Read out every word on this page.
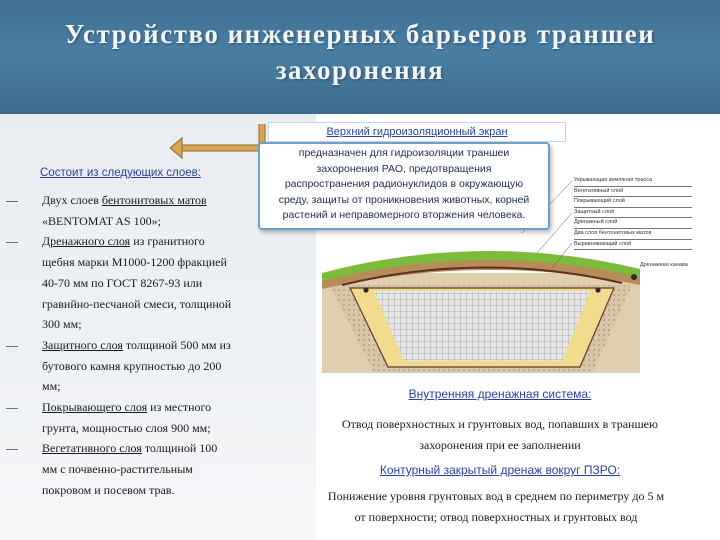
Устройство инженерных барьеров траншеи
захоронения
Состоит из следующих слоев:
— Двух слоев бентонитовых матов
«BENTOMAT AS 100»;
— Дренажного слоя из гранитного
щебня марки М1000-1200 фракцией
40-70 мм по ГОСТ 8267-93 или
гравийно-песчаной смеси, толщиной
300 мм;
— Защитного слоя толщиной 500 мм из
бутового камня крупностью до 200
мм;
— Покрывающего слоя из местного
грунта, мощностью слоя 900 мм;
— Вегетативного слоя толщиной 100
мм с почвенно-растительным
покровом и посевом трав.
Укрывающая земляная трасса
Вегетативный слой
Покрывающий слой
Защитный слой
Дренажный слой
Два слоя бентонитовых матов
Выравнивающий слой
Дренажная канава
Верхний гидроизоляционный экран
предназначен для гидроизоляции траншеи
захоронения РАО, предотвращения
распространения радионуклидов в окружающую
среду, защиты от проникновения животных, корней
растений и неправомерного вторжения человека.
Внутренняя дренажная система:
Отвод поверхностных и грунтовых вод, попавших в траншею
захоронения при ее заполнении
Контурный закрытый дренаж вокруг ПЗРО:
Понижение уровня грунтовых вод в среднем по периметру до 5 м
от поверхности; отвод поверхностных и грунтовых вод
